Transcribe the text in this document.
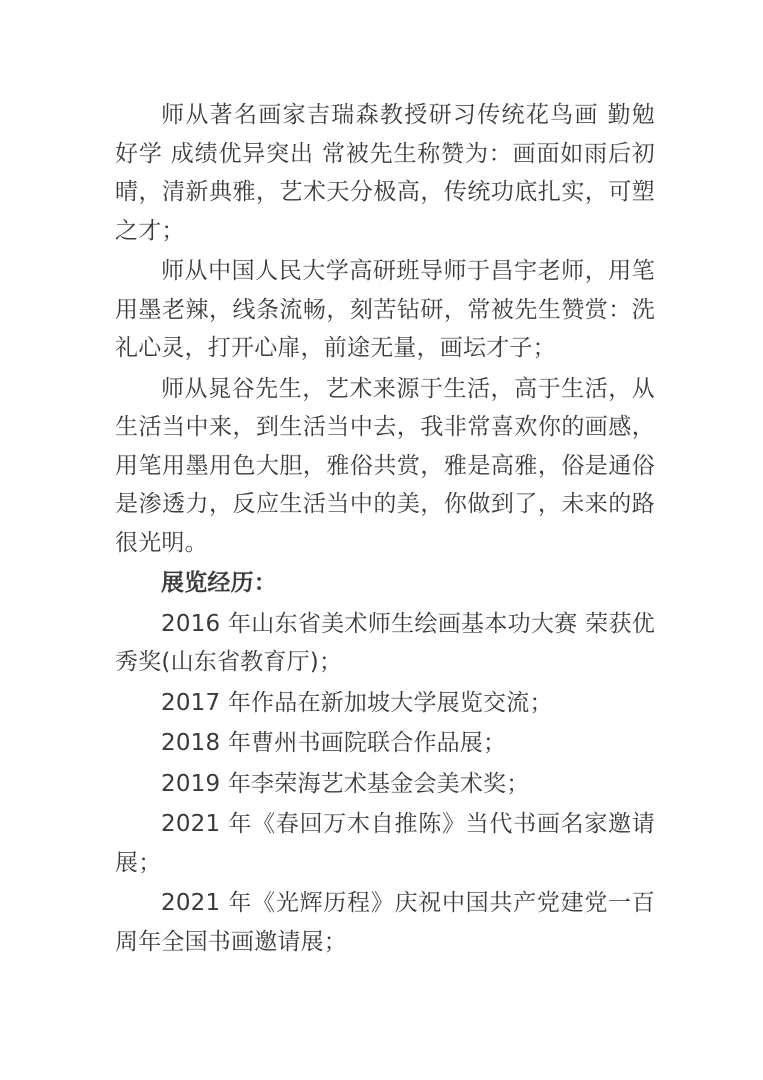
师从著名画家吉瑞森教授研习传统花鸟画 勤勉好学 成绩优异突出 常被先生称赞为：画面如雨后初晴，清新典雅，艺术天分极高，传统功底扎实，可塑之才；

师从中国人民大学高研班导师于昌宇老师，用笔用墨老辣，线条流畅，刻苦钻研，常被先生赞赏：洗礼心灵，打开心扉，前途无量，画坛才子；

师从晁谷先生，艺术来源于生活，高于生活，从生活当中来，到生活当中去，我非常喜欢你的画感，用笔用墨用色大胆，雅俗共赏，雅是高雅，俗是通俗是渗透力，反应生活当中的美，你做到了，未来的路很光明。

展览经历：

2016 年山东省美术师生绘画基本功大赛 荣获优秀奖(山东省教育厅)；

2017 年作品在新加坡大学展览交流；

2018 年曹州书画院联合作品展；

2019 年李荣海艺术基金会美术奖；

2021 年《春回万木自推陈》当代书画名家邀请展；

2021 年《光辉历程》庆祝中国共产党建党一百周年全国书画邀请展；
